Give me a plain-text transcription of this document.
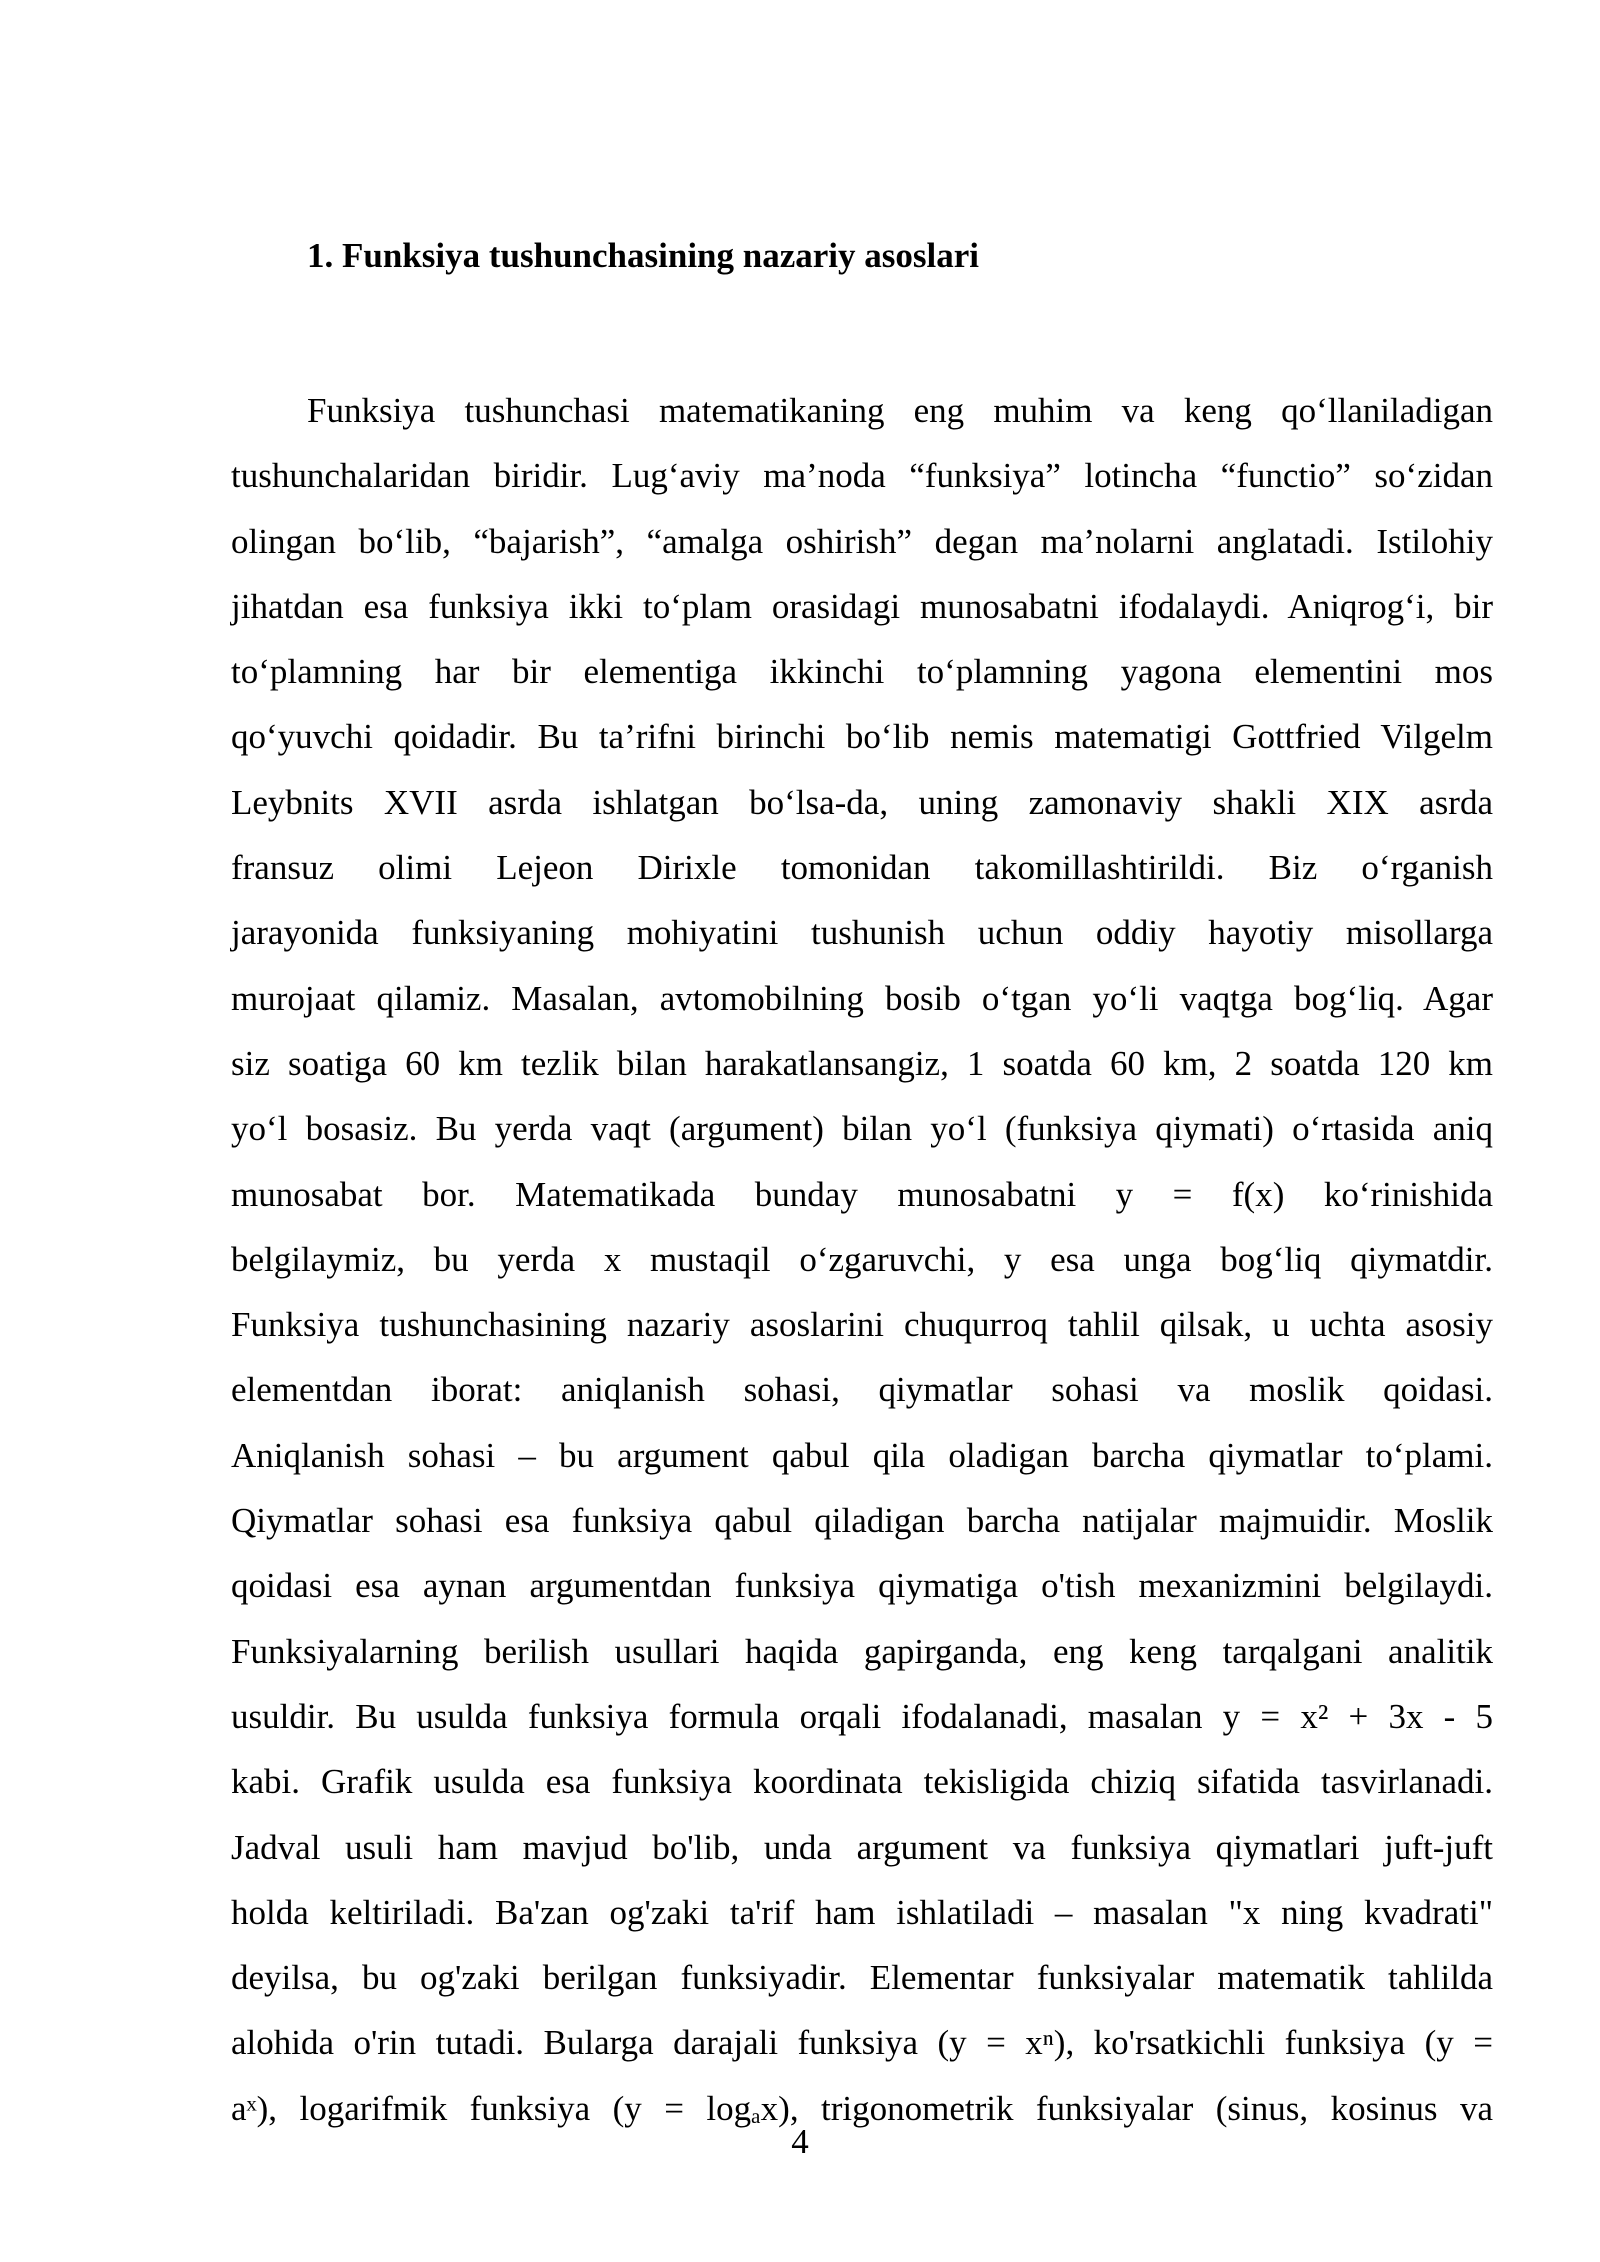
1. Funksiya tushunchasining nazariy asoslari
Funksiya tushunchasi matematikaning eng muhim va keng qo‘llaniladigan
tushunchalaridan biridir. Lug‘aviy ma’noda “funksiya” lotincha “functio” so‘zidan
olingan bo‘lib, “bajarish”, “amalga oshirish” degan ma’nolarni anglatadi. Istilohiy
jihatdan esa funksiya ikki to‘plam orasidagi munosabatni ifodalaydi. Aniqrog‘i, bir
to‘plamning har bir elementiga ikkinchi to‘plamning yagona elementini mos
qo‘yuvchi qoidadir. Bu ta’rifni birinchi bo‘lib nemis matematigi Gottfried Vilgelm
Leybnits XVII asrda ishlatgan bo‘lsa-da, uning zamonaviy shakli XIX asrda
fransuz olimi Lejeon Dirixle tomonidan takomillashtirildi. Biz o‘rganish
jarayonida funksiyaning mohiyatini tushunish uchun oddiy hayotiy misollarga
murojaat qilamiz. Masalan, avtomobilning bosib o‘tgan yo‘li vaqtga bog‘liq. Agar
siz soatiga 60 km tezlik bilan harakatlansangiz, 1 soatda 60 km, 2 soatda 120 km
yo‘l bosasiz. Bu yerda vaqt (argument) bilan yo‘l (funksiya qiymati) o‘rtasida aniq
munosabat bor. Matematikada bunday munosabatni y = f(x) ko‘rinishida
belgilaymiz, bu yerda x mustaqil o‘zgaruvchi, y esa unga bog‘liq qiymatdir.
Funksiya tushunchasining nazariy asoslarini chuqurroq tahlil qilsak, u uchta asosiy
elementdan iborat: aniqlanish sohasi, qiymatlar sohasi va moslik qoidasi.
Aniqlanish sohasi – bu argument qabul qila oladigan barcha qiymatlar to‘plami.
Qiymatlar sohasi esa funksiya qabul qiladigan barcha natijalar majmuidir. Moslik
qoidasi esa aynan argumentdan funksiya qiymatiga o'tish mexanizmini belgilaydi.
Funksiyalarning berilish usullari haqida gapirganda, eng keng tarqalgani analitik
usuldir. Bu usulda funksiya formula orqali ifodalanadi, masalan y = x² + 3x - 5
kabi. Grafik usulda esa funksiya koordinata tekisligida chiziq sifatida tasvirlanadi.
Jadval usuli ham mavjud bo'lib, unda argument va funksiya qiymatlari juft-juft
holda keltiriladi. Ba'zan og'zaki ta'rif ham ishlatiladi – masalan "x ning kvadrati"
deyilsa, bu og'zaki berilgan funksiyadir. Elementar funksiyalar matematik tahlilda
alohida o'rin tutadi. Bularga darajali funksiya (y = xⁿ), ko'rsatkichli funksiya (y =
aˣ), logarifmik funksiya (y = logₐx), trigonometrik funksiyalar (sinus, kosinus va
4
